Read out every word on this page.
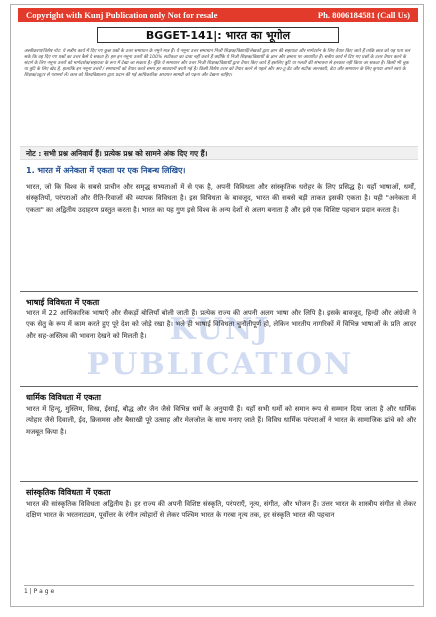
Copyright with Kunj Publication only Not for resale	Ph. 8006184581 (Call Us)
BGGET-141|: भारत का भूगोल

अस्वीकरण/विशेष नोट: ये सत्रीय कार्य में दिए गए कुछ प्रश्नों के उत्तर समाधान के नमूने मात्र हैं। ये नमूना उत्तर समाधान निजी शिक्षक/विद्यार्थी/लेखकों द्वारा ज्ञान की सहायता और मार्गदर्शन के लिए तैयार किए जाते हैं ताकि छात्र को यह पता चल सके कि वह दिए गए प्रश्नों का उत्तर कैसे दे सकता है। हम इन नमूना उत्तरों की 100% सटीकता का दावा नहीं करते हैं क्योंकि ये निजी शिक्षक/विद्यार्थी के ज्ञान और क्षमता पर आधारित हैं। सत्रीय कार्य में दिए गए प्रश्नों के उत्तर तैयार करने के संदर्भ के लिए नमूना उत्तरों को मार्गदर्शक/सहायता के रूप में देखा जा सकता है। चूँकि ये समाधान और उत्तर निजी शिक्षक/विद्यार्थी द्वारा तैयार किए जाते हैं इसलिए त्रुटि या गलती की संभावना से इनकार नहीं किया जा सकता है। किसी भी चूक या त्रुटि के लिए खेद है, हालांकि इन नमूना उत्तरों / समाधानों को तैयार करते समय हर सावधानी बरती गई है। किसी विशेष उत्तर को तैयार करने से पहले और अप-टू-डेट और सटीक जानकारी, डेटा और समाधान के लिए कृपया अपने स्वयं के शिक्षक/ट्यूटर से परामर्श लें। छात्र को विश्वविद्यालय द्वारा प्रदान की गई आधिकारिक अध्ययन सामग्री को पढ़ना और देखना चाहिए।

नोट : सभी प्रश्न अनिवार्य हैं। प्रत्येक प्रश्न को सामने अंक दिए गए हैं।
1. भारत में अनेकता में एकता पर एक निबन्ध लिखिए।
भारत, जो कि विश्व के सबसे प्राचीन और समृद्ध सभ्यताओं में से एक है, अपनी विविधता और सांस्कृतिक धरोहर के लिए प्रसिद्ध है। यहाँ भाषाओं, धर्मों, संस्कृतियों, परंपराओं और रीति-रिवाजों की व्यापक विविधता है। इस विविधता के बावजूद, भारत की सबसे बड़ी ताकत इसकी एकता है। यही "अनेकता में एकता" का अद्वितीय उदाहरण प्रस्तुत करता है। भारत का यह गुण इसे विश्व के अन्य देशों से अलग बनाता है और इसे एक विशिष्ट पहचान प्रदान करता है।
KUNJ PUBLICATION
भाषाई विविधता में एकता
भारत में 22 आधिकारिक भाषाएँ और सैकड़ों बोलियाँ बोली जाती हैं। प्रत्येक राज्य की अपनी अलग भाषा और लिपि है। इसके बावजूद, हिन्दी और अंग्रेजी ने एक सेतु के रूप में काम करते हुए पूरे देश को जोड़े रखा है। भले ही भाषाई विविधता चुनौतीपूर्ण हो, लेकिन भारतीय नागरिकों में विभिन्न भाषाओं के प्रति आदर और सह-अस्तित्व की भावना देखने को मिलती है।
धार्मिक विविधता में एकता
भारत में हिन्दू, मुस्लिम, सिख, ईसाई, बौद्ध और जैन जैसे विभिन्न धर्मों के अनुयायी हैं। यहाँ सभी धर्मों को समान रूप से सम्मान दिया जाता है और धार्मिक त्योहार जैसे दिवाली, ईद, क्रिसमस और बैसाखी पूरे उत्साह और मेलजोल के साथ मनाए जाते हैं। विविध धार्मिक परंपराओं ने भारत के सामाजिक ढांचे को और मजबूत किया है।
सांस्कृतिक विविधता में एकता
भारत की सांस्कृतिक विविधता अद्वितीय है। हर राज्य की अपनी विशिष्ट संस्कृति, परंपराएँ, नृत्य, संगीत, और भोजन हैं। उत्तर भारत के शास्त्रीय संगीत से लेकर दक्षिण भारत के भरतनाट्यम, पूर्वोत्तर के रंगीन त्योहारों से लेकर पश्चिम भारत के गरबा नृत्य तक, हर संस्कृति भारत की पहचान
1 | P a g e
